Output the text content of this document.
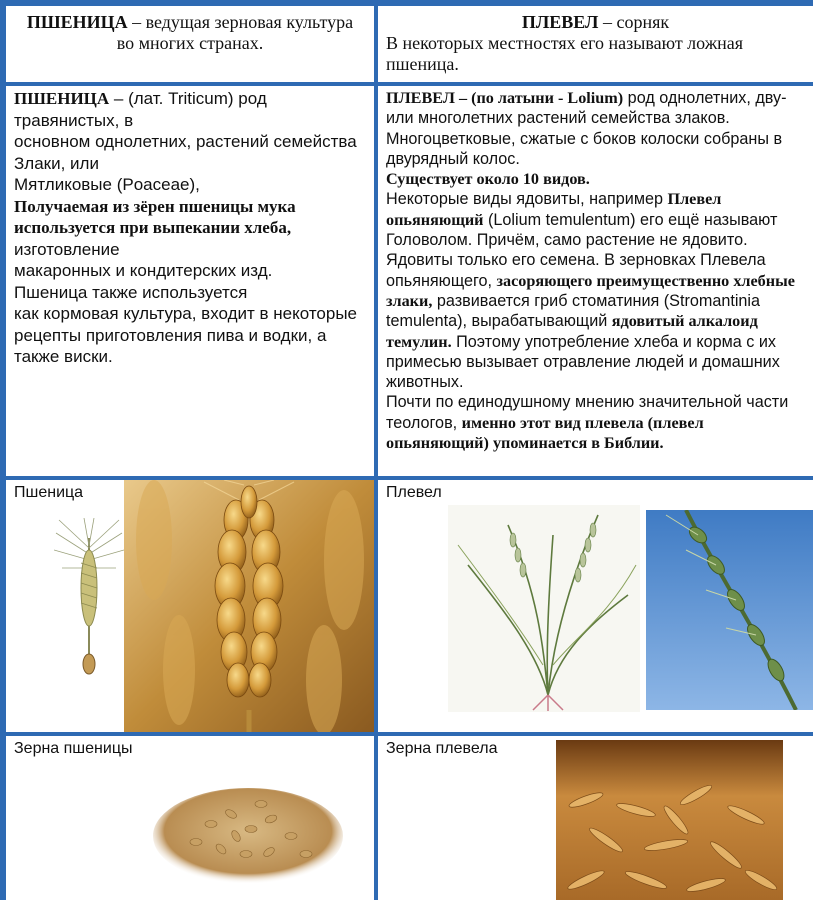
ПШЕНИЦА – ведущая зерновая культура во многих странах.
ПЛЕВЕЛ – сорняк
В некоторых местностях его называют ложная пшеница.

ПШЕНИЦА – (лат. Triticum) род травянистых, в

основном однолетних, растений семейства Злаки, или

Мятликовые (Poaceae),

Получаемая из зёрен пшеницы мука используется при выпекании хлеба, изготовление

макаронных и кондитерских изд.

Пшеница также используется

как кормовая культура, входит в некоторые рецепты приготовления пива и водки, а также виски.

ПЛЕВЕЛ – (по латыни - Lolium) род однолетних, дву- или многолетних растений семейства злаков. Многоцветковые, сжатые с боков колоски собраны в двурядный колос.

Существует около 10 видов.

Некоторые виды ядовиты, например Плевел опьяняющий (Lolium temulentum) его ещё называют Головолом. Причём, само растение не ядовито. Ядовиты только его семена. В зерновках Плевела опьяняющего, засоряющего преимущественно хлебные злаки, развивается гриб стоматиния (Stromantinia temulenta), вырабатывающий ядовитый алкалоид темулин. Поэтому употребление хлеба и корма с их примесью вызывает отравление людей и домашних животных.

Почти по единодушному мнению значительной части теологов, именно этот вид плевела (плевел опьяняющий) упоминается в Библии.

Пшеница	Плевел
Зерна пшеницы	Зерна плевела
